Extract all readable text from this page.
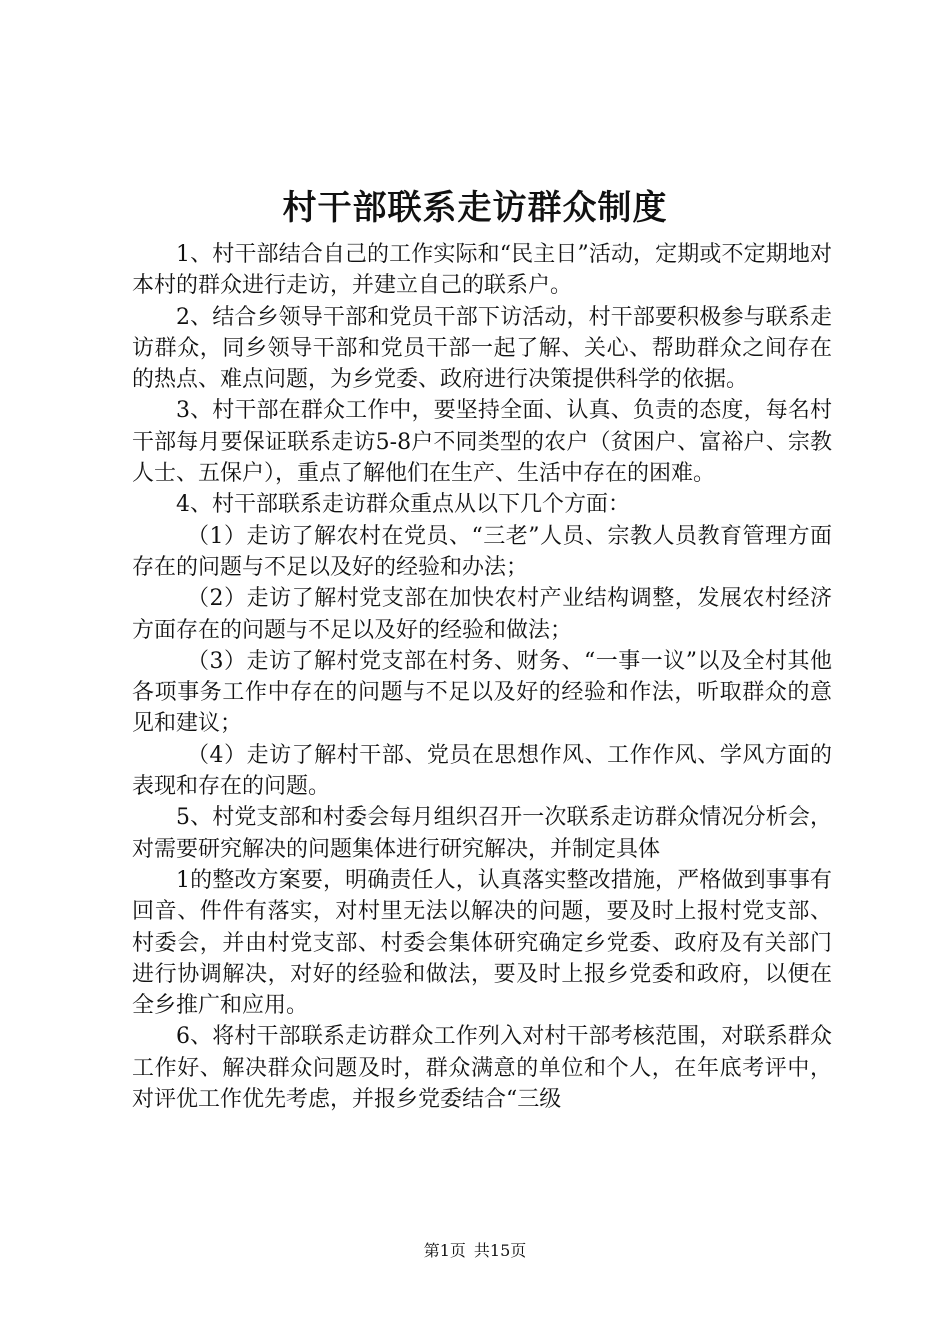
村干部联系走访群众制度

1、村干部结合自己的工作实际和“民主日”活动，定期或不定期地对本村的群众进行走访，并建立自己的联系户。

2、结合乡领导干部和党员干部下访活动，村干部要积极参与联系走访群众，同乡领导干部和党员干部一起了解、关心、帮助群众之间存在的热点、难点问题，为乡党委、政府进行决策提供科学的依据。

3、村干部在群众工作中，要坚持全面、认真、负责的态度，每名村干部每月要保证联系走访5-8户不同类型的农户（贫困户、富裕户、宗教人士、五保户），重点了解他们在生产、生活中存在的困难。

4、村干部联系走访群众重点从以下几个方面：

（1）走访了解农村在党员、“三老”人员、宗教人员教育管理方面存在的问题与不足以及好的经验和办法；

（2）走访了解村党支部在加快农村产业结构调整，发展农村经济方面存在的问题与不足以及好的经验和做法；

（3）走访了解村党支部在村务、财务、“一事一议”以及全村其他各项事务工作中存在的问题与不足以及好的经验和作法，听取群众的意见和建议；

（4）走访了解村干部、党员在思想作风、工作作风、学风方面的表现和存在的问题。

5、村党支部和村委会每月组织召开一次联系走访群众情况分析会，对需要研究解决的问题集体进行研究解决，并制定具体

1的整改方案要，明确责任人，认真落实整改措施，严格做到事事有回音、件件有落实，对村里无法以解决的问题，要及时上报村党支部、村委会，并由村党支部、村委会集体研究确定乡党委、政府及有关部门进行协调解决，对好的经验和做法，要及时上报乡党委和政府，以便在全乡推广和应用。

6、将村干部联系走访群众工作列入对村干部考核范围，对联系群众工作好、解决群众问题及时，群众满意的单位和个人，在年底考评中，对评优工作优先考虑，并报乡党委结合“三级

第1页 共15页
